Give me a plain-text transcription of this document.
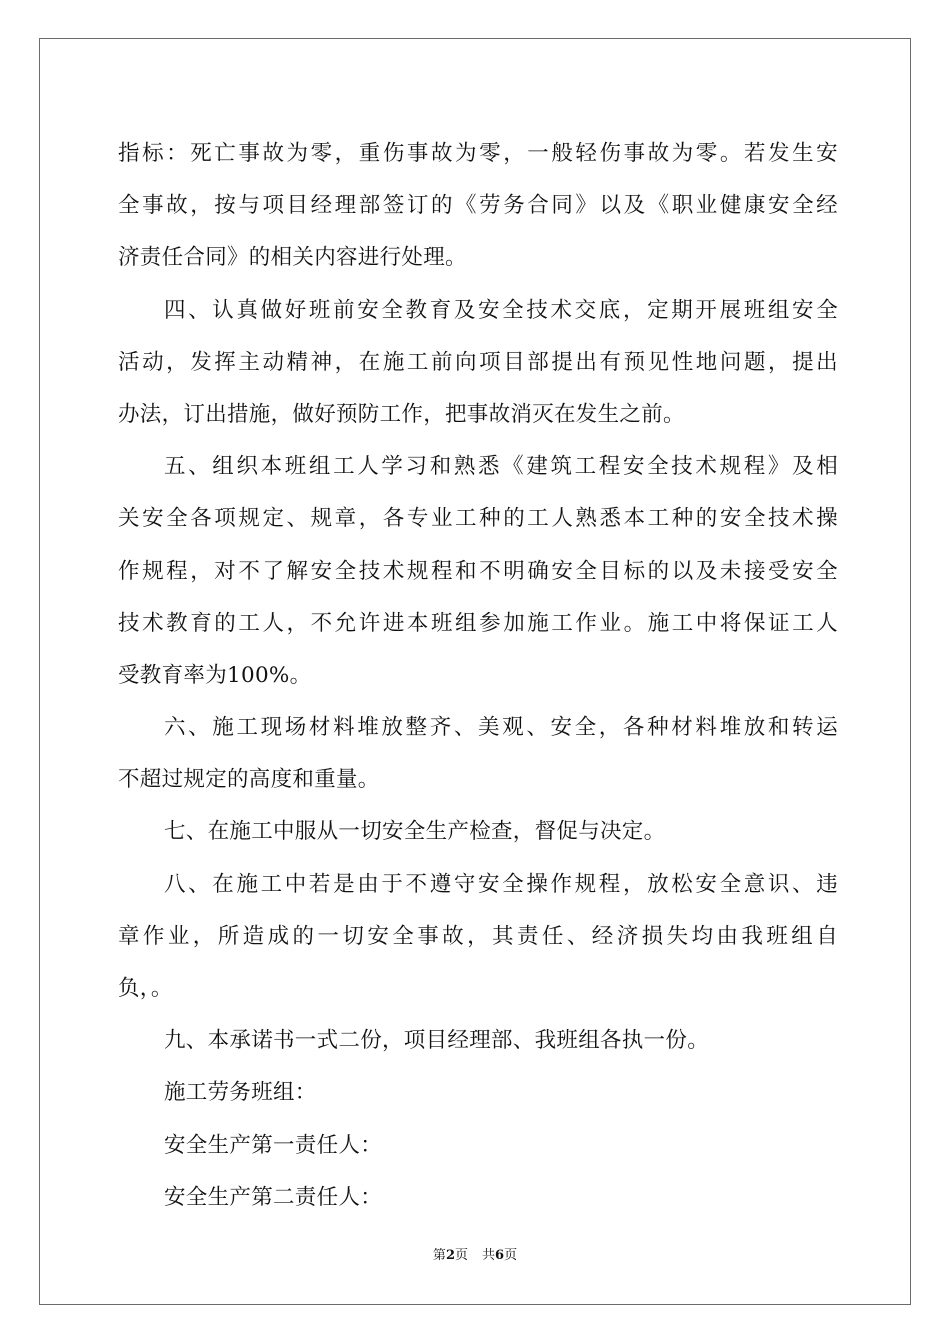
指标：死亡事故为零，重伤事故为零，一般轻伤事故为零。若发生安
全事故，按与项目经理部签订的《劳务合同》以及《职业健康安全经
济责任合同》的相关内容进行处理。
四、认真做好班前安全教育及安全技术交底，定期开展班组安全
活动，发挥主动精神，在施工前向项目部提出有预见性地问题，提出
办法，订出措施，做好预防工作，把事故消灭在发生之前。
五、组织本班组工人学习和熟悉《建筑工程安全技术规程》及相
关安全各项规定、规章，各专业工种的工人熟悉本工种的安全技术操
作规程，对不了解安全技术规程和不明确安全目标的以及未接受安全
技术教育的工人，不允许进本班组参加施工作业。施工中将保证工人
受教育率为100%。
六、施工现场材料堆放整齐、美观、安全，各种材料堆放和转运
不超过规定的高度和重量。
七、在施工中服从一切安全生产检查，督促与决定。
八、在施工中若是由于不遵守安全操作规程，放松安全意识、违
章作业，所造成的一切安全事故，其责任、经济损失均由我班组自
负，。
九、本承诺书一式二份，项目经理部、我班组各执一份。
施工劳务班组：
安全生产第一责任人：
安全生产第二责任人：
第2页 共6页
